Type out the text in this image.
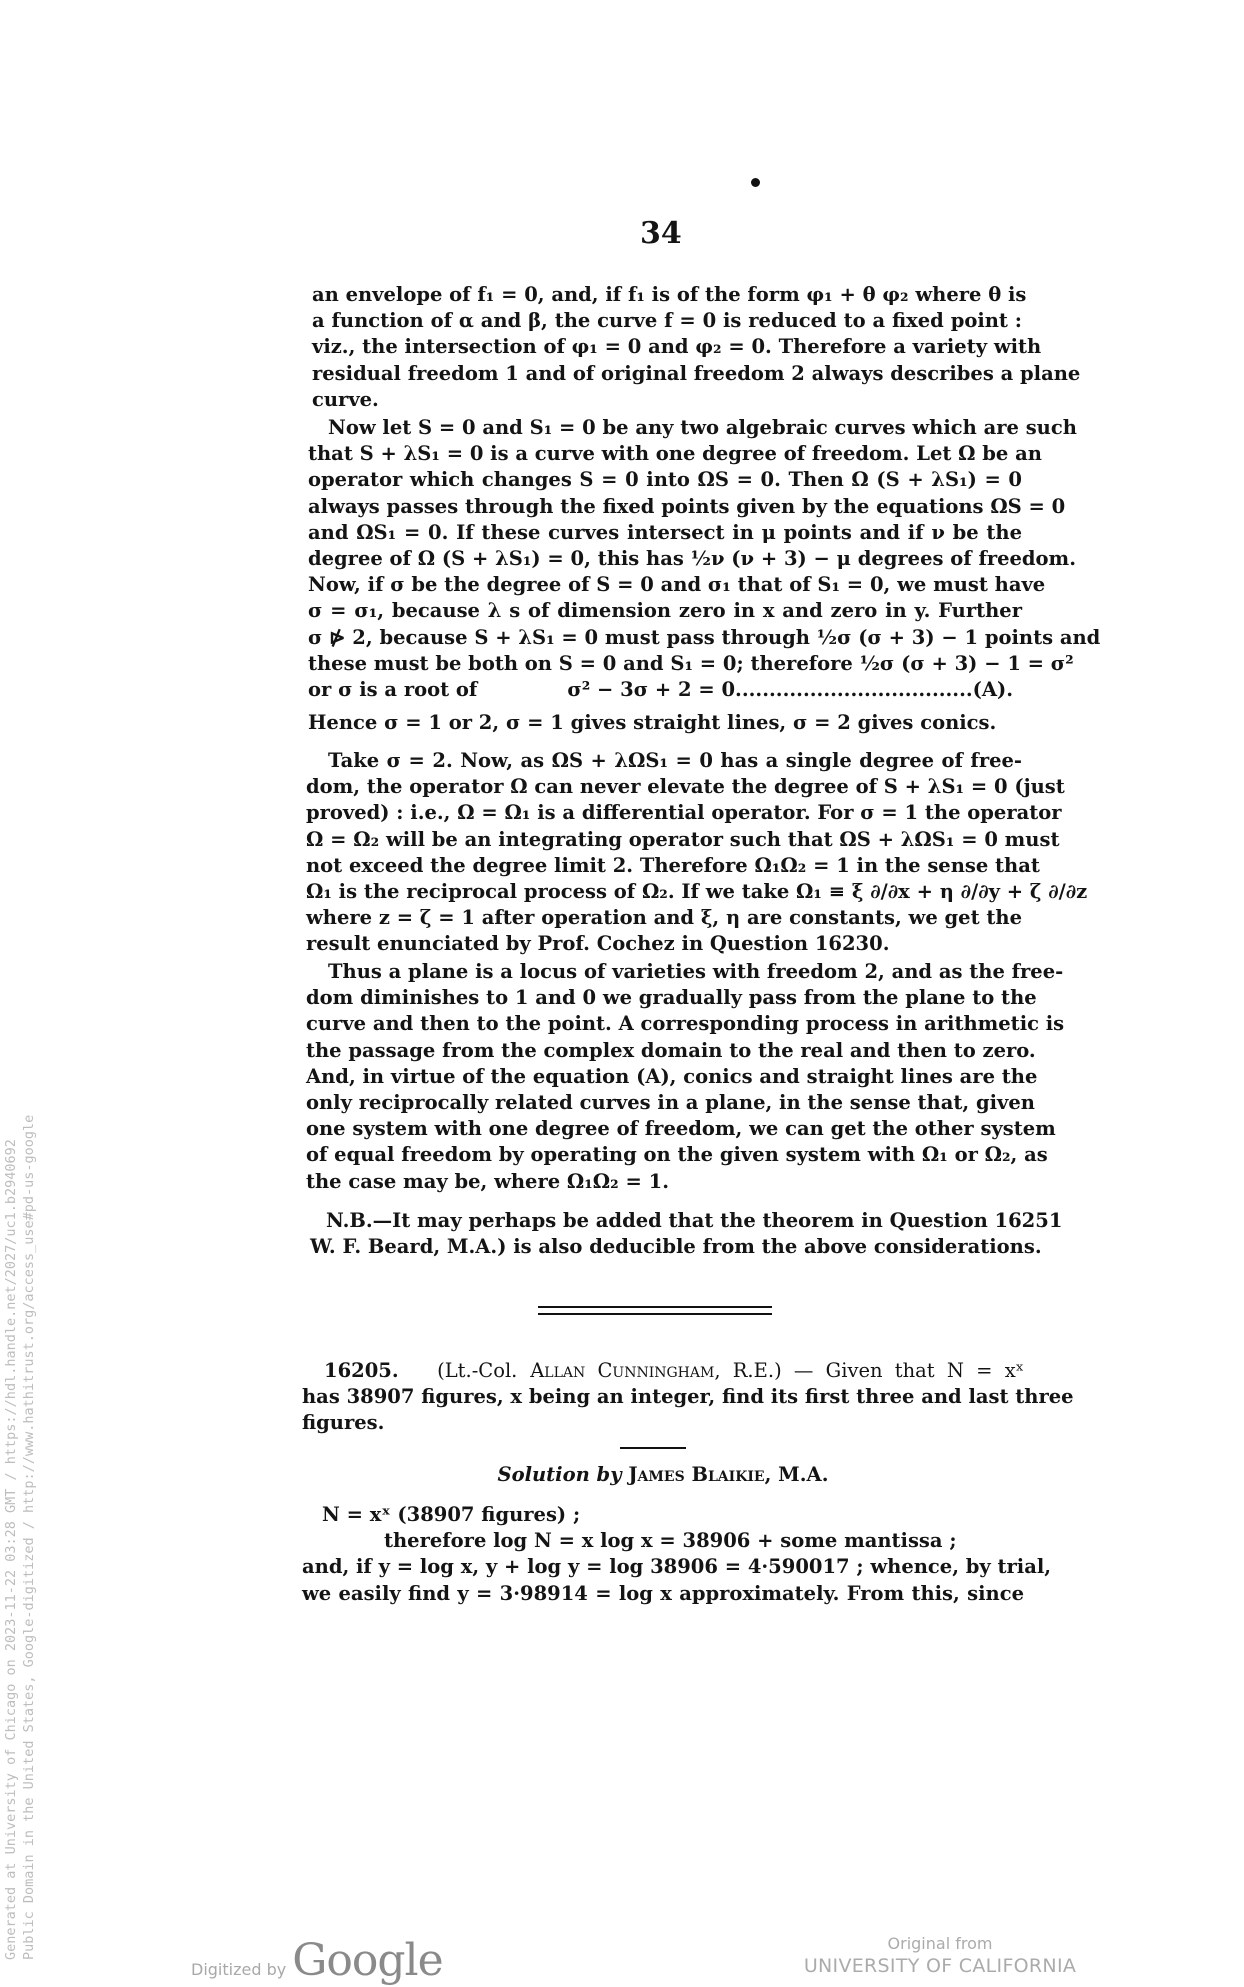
34
an envelope of f₁ = 0, and, if f₁ is of the form φ₁ + θ φ₂ where θ is
a function of α and β, the curve f = 0 is reduced to a fixed point :
viz., the intersection of φ₁ = 0 and φ₂ = 0. Therefore a variety with
residual freedom 1 and of original freedom 2 always describes a plane
curve.
Now let S = 0 and S₁ = 0 be any two algebraic curves which are such
that S + λS₁ = 0 is a curve with one degree of freedom. Let Ω be an
operator which changes S = 0 into ΩS = 0. Then Ω (S + λS₁) = 0
always passes through the fixed points given by the equations ΩS = 0
and ΩS₁ = 0. If these curves intersect in μ points and if ν be the
degree of Ω (S + λS₁) = 0, this has ½ν (ν + 3) − μ degrees of freedom.
Now, if σ be the degree of S = 0 and σ₁ that of S₁ = 0, we must have
σ = σ₁, because λ s of dimension zero in x and zero in y. Further
σ ⋫ 2, because S + λS₁ = 0 must pass through ½σ (σ + 3) − 1 points and
these must be both on S = 0 and S₁ = 0; therefore ½σ (σ + 3) − 1 = σ²
or σ is a root of	σ² − 3σ + 2 = 0...................................(A).
Hence σ = 1 or 2, σ = 1 gives straight lines, σ = 2 gives conics.
Take σ = 2. Now, as ΩS + λΩS₁ = 0 has a single degree of free-
dom, the operator Ω can never elevate the degree of S + λS₁ = 0 (just
proved) : i.e., Ω = Ω₁ is a differential operator. For σ = 1 the operator
Ω = Ω₂ will be an integrating operator such that ΩS + λΩS₁ = 0 must
not exceed the degree limit 2. Therefore Ω₁Ω₂ = 1 in the sense that
Ω₁ is the reciprocal process of Ω₂. If we take Ω₁ ≡ ξ ∂/∂x + η ∂/∂y + ζ ∂/∂z
where z = ζ = 1 after operation and ξ, η are constants, we get the
result enunciated by Prof. Cochez in Question 16230.
Thus a plane is a locus of varieties with freedom 2, and as the free-
dom diminishes to 1 and 0 we gradually pass from the plane to the
curve and then to the point. A corresponding process in arithmetic is
the passage from the complex domain to the real and then to zero.
And, in virtue of the equation (A), conics and straight lines are the
only reciprocally related curves in a plane, in the sense that, given
one system with one degree of freedom, we can get the other system
of equal freedom by operating on the given system with Ω₁ or Ω₂, as
the case may be, where Ω₁Ω₂ = 1.
N.B.—It may perhaps be added that the theorem in Question 16251
W. F. Beard, M.A.) is also deducible from the above considerations.
16205. (Lt.-Col. Allan Cunningham, R.E.) — Given that N = xˣ
has 38907 figures, x being an integer, find its first three and last three
figures.
Solution by James Blaikie, M.A.
N = xˣ (38907 figures) ;
therefore log N = x log x = 38906 + some mantissa ;
and, if y = log x, y + log y = log 38906 = 4·590017 ; whence, by trial,
we easily find y = 3·98914 = log x approximately. From this, since
Generated at University of Chicago on 2023-11-22 03:28 GMT / https://hdl.handle.net/2027/uc1.b2940692 Public Domain in the United States, Google-digitized / http://www.hathitrust.org/access_use#pd-us-google
Digitized by Google	Original from
UNIVERSITY OF CALIFORNIA
